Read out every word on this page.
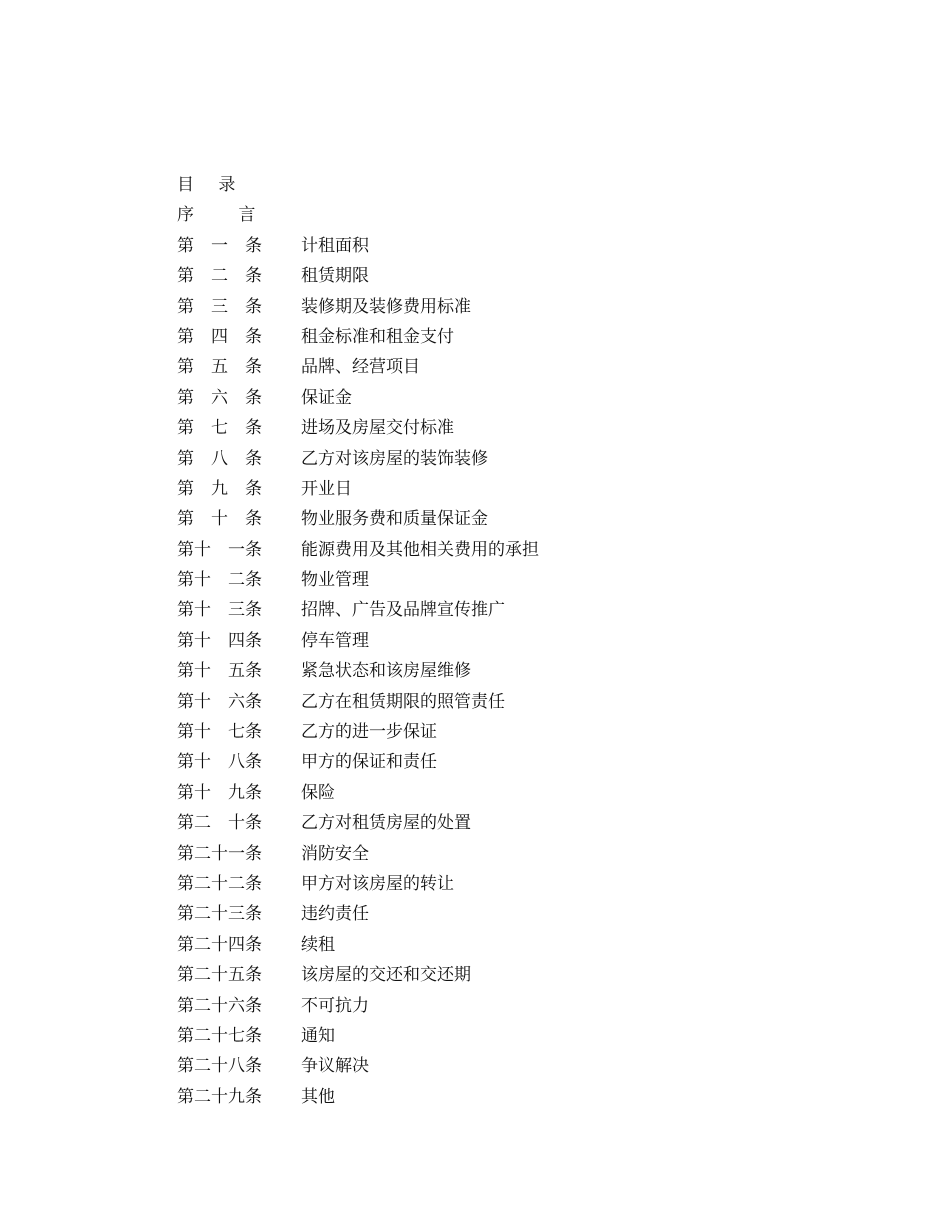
目 录
序	言
第　一　条	计租面积
第　二　条	租赁期限
第　三　条	装修期及装修费用标准
第　四　条	租金标准和租金支付
第　五　条	品牌、经营项目
第　六　条	保证金
第　七　条	进场及房屋交付标准
第　八　条	乙方对该房屋的装饰装修
第　九　条	开业日
第　十　条	物业服务费和质量保证金
第十　一条	能源费用及其他相关费用的承担
第十　二条	物业管理
第十　三条	招牌、广告及品牌宣传推广
第十　四条	停车管理
第十　五条	紧急状态和该房屋维修
第十　六条	乙方在租赁期限的照管责任
第十　七条	乙方的进一步保证
第十　八条	甲方的保证和责任
第十　九条	保险
第二　十条	乙方对租赁房屋的处置
第二十一条	消防安全
第二十二条	甲方对该房屋的转让
第二十三条	违约责任
第二十四条	续租
第二十五条	该房屋的交还和交还期
第二十六条	不可抗力
第二十七条	通知
第二十八条	争议解决
第二十九条	其他
